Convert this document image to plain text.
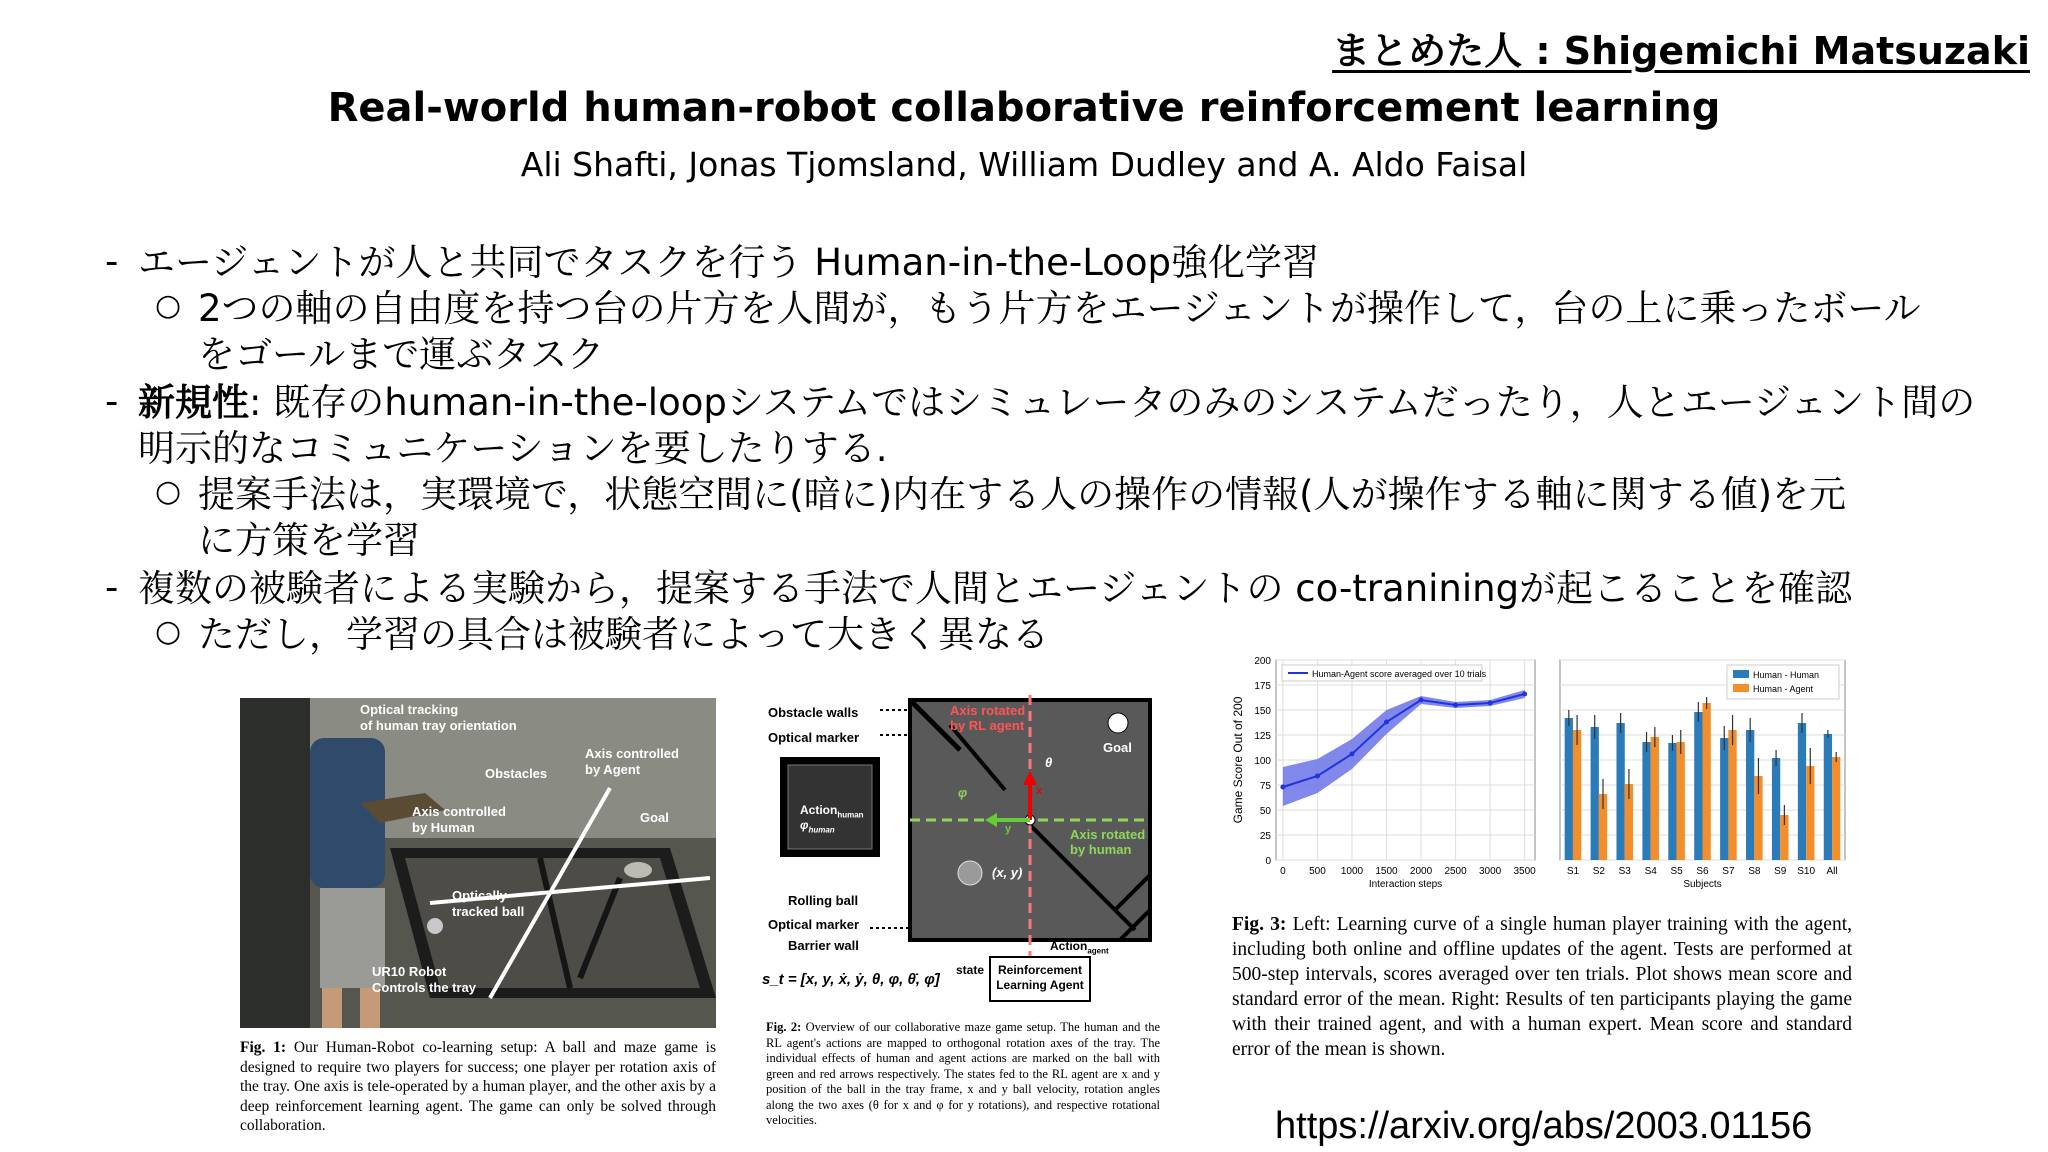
まとめた人 : Shigemichi Matsuzaki
Real-world human-robot collaborative reinforcement learning
Ali Shafti, Jonas Tjomsland, William Dudley and A. Aldo Faisal
- エージェントが人と共同でタスクを行う Human-in-the-Loop強化学習
○ 2つの軸の自由度を持つ台の片方を人間が，もう片方をエージェントが操作して，台の上に乗ったボール
をゴールまで運ぶタスク
- 新規性: 既存のhuman-in-the-loopシステムではシミュレータのみのシステムだったり，人とエージェント間の
明示的なコミュニケーションを要したりする.
○ 提案手法は，実環境で，状態空間に(暗に)内在する人の操作の情報(人が操作する軸に関する値)を元
に方策を学習
- 複数の被験者による実験から，提案する手法で人間とエージェントの co-traniningが起こることを確認
○ ただし，学習の具合は被験者によって大きく異なる
Optical tracking
of human tray orientation
Axis controlled
by Agent
Obstacles
Axis controlled
by Human
Goal
Optically
tracked ball
UR10 Robot
Controls the tray
Fig. 1: Our Human-Robot co-learning setup: A ball and maze game is designed to require two players for success; one player per rotation axis of the tray. One axis is tele-operated by a human player, and the other axis by a deep reinforcement learning agent. The game can only be solved through collaboration.
Obstacle walls
Optical marker
Action$_{human}$
$\varphi_{human}$
Rolling ball
Optical marker
Barrier wall
Axis rotated
by RL agent
Axis rotated
by human
Goal
(x, y)
θ
φ	x
y
Action$_{agent}$
state	Reinforcement
Learning Agent
s_t = [x, y, ẋ, ẏ, θ, φ, θ̇, φ̇]
Fig. 2: Overview of our collaborative maze game setup. The human and the RL agent's actions are mapped to orthogonal rotation axes of the tray. The individual effects of human and agent actions are marked on the ball with green and red arrows respectively. The states fed to the RL agent are x and y position of the ball in the tray frame, x and y ball velocity, rotation angles along the two axes (θ for x and φ for y rotations), and respective rotational velocities.
0
25
50
75
100
125
150
175
200
0 500 1000 1500 2000 2500 3000 3500
Human-Agent score averaged over 10 trials
Interaction steps
Game Score Out of 200
S1 S2 S3 S4 S5 S6 S7 S8 S9 S10 All
Subjects
Human - Human
Human - Agent
Fig. 3: Left: Learning curve of a single human player training with the agent, including both online and offline updates of the agent. Tests are performed at 500-step intervals, scores averaged over ten trials. Plot shows mean score and standard error of the mean. Right: Results of ten participants playing the game with their trained agent, and with a human expert. Mean score and standard error of the mean is shown.
https://arxiv.org/abs/2003.01156
